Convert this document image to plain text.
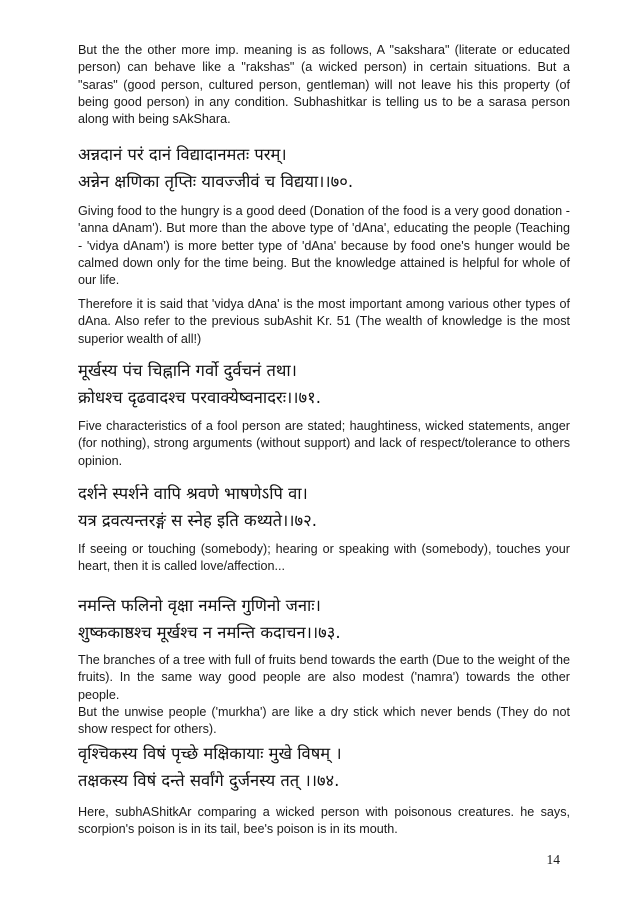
But the the other more imp. meaning is as follows, A "sakshara" (literate or educated person) can behave like a "rakshas" (a wicked person) in certain situations. But a "saras" (good person, cultured person, gentleman) will not leave his this property (of being good person) in any condition. Subhashitkar is telling us to be a sarasa person along with being sAkShara.

अन्नदानं परं दानं विद्यादानमतः परम्।
अन्नेन क्षणिका तृप्तिः यावज्जीवं च विद्यया।।७०.

Giving food to the hungry is a good deed (Donation of the food is a very good donation - 'anna dAnam'). But more than the above type of 'dAna', educating the people (Teaching - 'vidya dAnam') is more better type of 'dAna' because by food one's hunger would be calmed down only for the time being. But the knowledge attained is helpful for whole of our life.

Therefore it is said that 'vidya dAna' is the most important among various other types of dAna. Also refer to the previous subAshit Kr. 51 (The wealth of knowledge is the most superior wealth of all!)

मूर्खस्य पंच चिह्नानि गर्वो दुर्वचनं तथा।
क्रोधश्च दृढवादश्च परवाक्येष्वनादरः।।७१.

Five characteristics of a fool person are stated; haughtiness, wicked statements, anger (for nothing), strong arguments (without support) and lack of respect/tolerance to others opinion.

दर्शने स्पर्शने वापि श्रवणे भाषणेऽपि वा।
यत्र द्रवत्यन्तरङ्गं स स्नेह इति कथ्यते।।७२.

If seeing or touching (somebody); hearing or speaking with (somebody), touches your heart, then it is called love/affection...

नमन्ति फलिनो वृक्षा नमन्ति गुणिनो जनाः।
शुष्ककाष्ठश्च मूर्खश्च न नमन्ति कदाचन।।७३.

The branches of a tree with full of fruits bend towards the earth (Due to the weight of the fruits). In the same way good people are also modest ('namra') towards the other people.

But the unwise people ('murkha') are like a dry stick which never bends (They do not show respect for others).

वृश्चिकस्य विषं पृच्छे मक्षिकायाः मुखे विषम् ।
तक्षकस्य विषं दन्ते सर्वांगे दुर्जनस्य तत् ।।७४.

Here, subhAShitkAr comparing a wicked person with poisonous creatures. he says, scorpion's poison is in its tail, bee's poison is in its mouth.

14
